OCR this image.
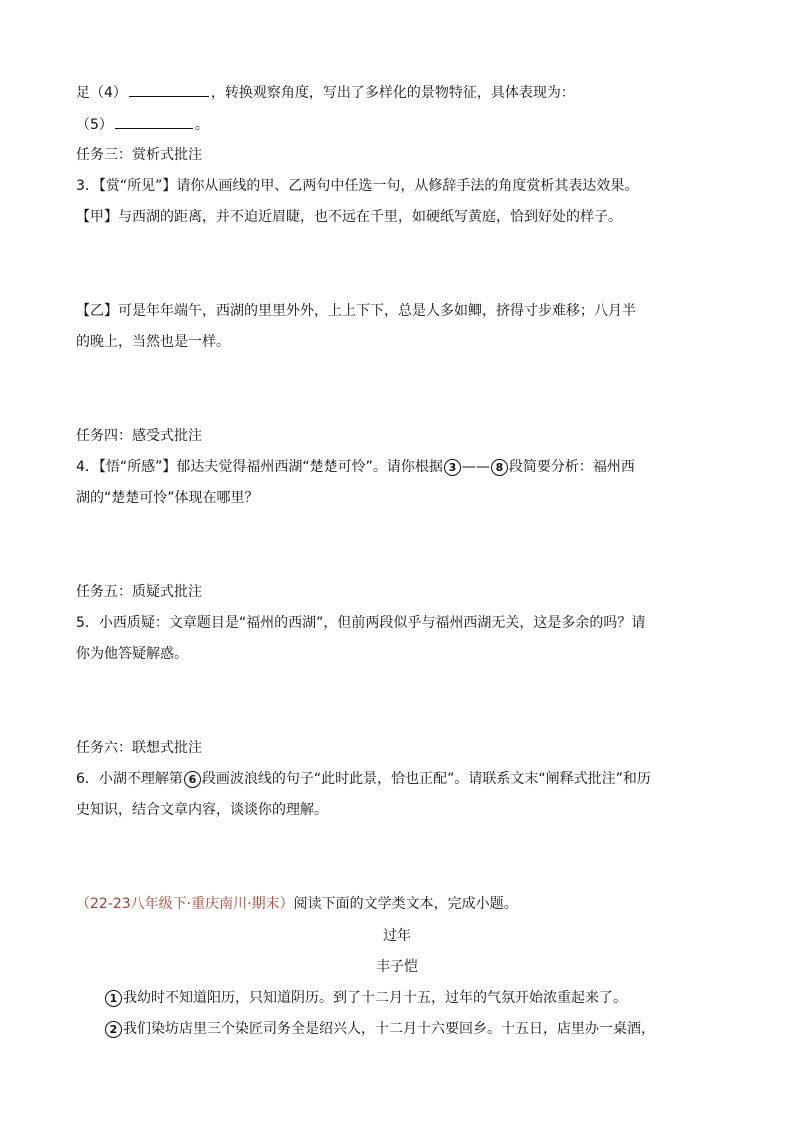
足（4）	，转换观察角度，写出了多样化的景物特征，具体表现为：
（5）	。
任务三：赏析式批注
3．【赏“所见”】请你从画线的甲、乙两句中任选一句，从修辞手法的角度赏析其表达效果。
【甲】与西湖的距离，并不迫近眉睫，也不远在千里，如硬纸写黄庭，恰到好处的样子。
【乙】可是年年端午，西湖的里里外外，上上下下，总是人多如鲫，挤得寸步难移；八月半
的晚上，当然也是一样。
任务四：感受式批注
4．【悟“所感”】郁达夫觉得福州西湖“楚楚可怜”。请你根据 3 —— 8 段简要分析：福州西
湖的“楚楚可怜”体现在哪里？
任务五：质疑式批注
5．小西质疑：文章题目是“福州的西湖”，但前两段似乎与福州西湖无关，这是多余的吗？请
你为他答疑解惑。
任务六：联想式批注
6．小湖不理解第 6 段画波浪线的句子“此时此景，恰也正配”。请联系文末“阐释式批注”和历
史知识，结合文章内容，谈谈你的理解。
（22-23八年级下·重庆南川·期末）阅读下面的文学类文本，完成小题。
过年
丰子恺
1 我幼时不知道阳历，只知道阴历。到了十二月十五，过年的气氛开始浓重起来了。
2 我们染坊店里三个染匠司务全是绍兴人，十二月十六要回乡。十五日，店里办一桌酒，
